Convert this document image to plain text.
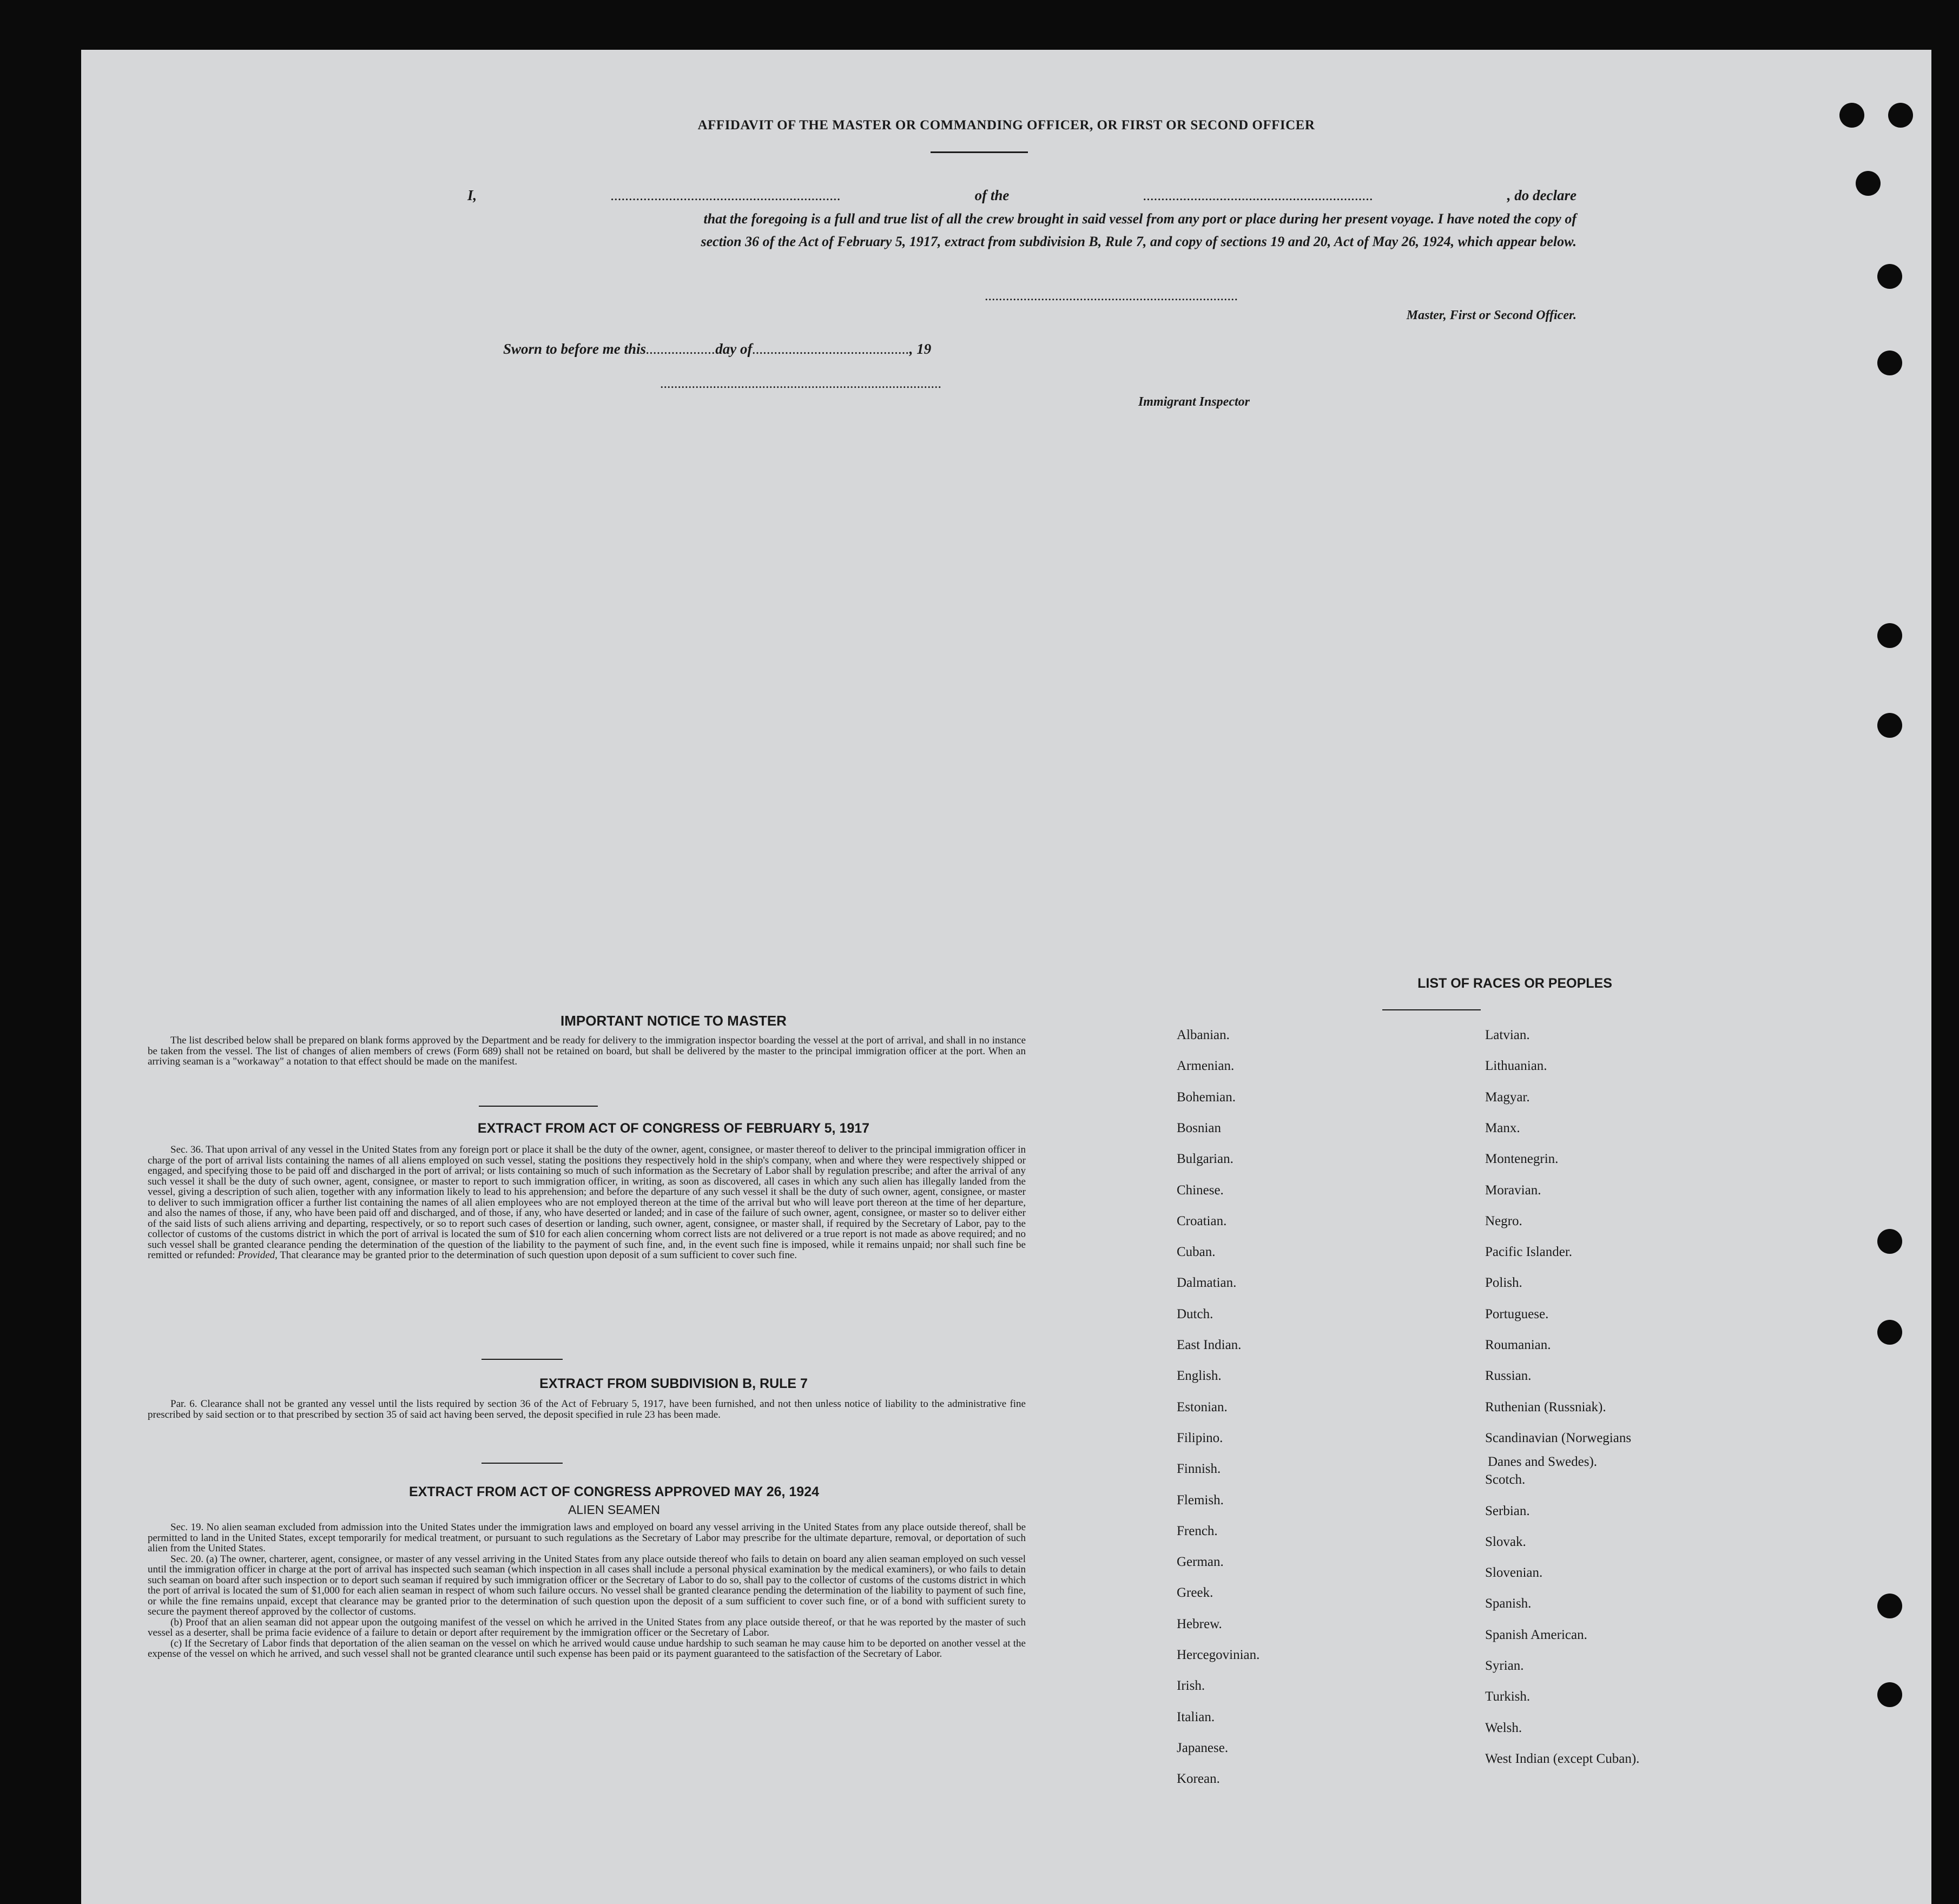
AFFIDAVIT OF THE MASTER OR COMMANDING OFFICER, OR FIRST OR SECOND OFFICER
I,	...............................................................	of the	...............................................................	, do declare
that the foregoing is a full and true list of all the crew brought in said vessel from any port or place during her present voyage. I have noted the copy of
section 36 of the Act of February 5, 1917, extract from subdivision B, Rule 7, and copy of sections 19 and 20, Act of May 26, 1924, which appear below.
........................................................................
Master, First or Second Officer.
Sworn to before me this...................day of..........................................., 19
................................................................................
Immigrant Inspector
IMPORTANT NOTICE TO MASTER
The list described below shall be prepared on blank forms approved by the Department and be ready for delivery to the immigration inspector boarding the vessel at the port of arrival, and shall in no instance be taken from the vessel. The list of changes of alien members of crews (Form 689) shall not be retained on board, but shall be delivered by the master to the principal immigration officer at the port. When an arriving seaman is a "workaway" a notation to that effect should be made on the manifest.
EXTRACT FROM ACT OF CONGRESS OF FEBRUARY 5, 1917
Sec. 36. That upon arrival of any vessel in the United States from any foreign port or place it shall be the duty of the owner, agent, consignee, or master thereof to deliver to the principal immigration officer in charge of the port of arrival lists containing the names of all aliens employed on such vessel, stating the positions they respectively hold in the ship's company, when and where they were respectively shipped or engaged, and specifying those to be paid off and discharged in the port of arrival; or lists containing so much of such information as the Secretary of Labor shall by regulation prescribe; and after the arrival of any such vessel it shall be the duty of such owner, agent, consignee, or master to report to such immigration officer, in writing, as soon as discovered, all cases in which any such alien has illegally landed from the vessel, giving a description of such alien, together with any information likely to lead to his apprehension; and before the departure of any such vessel it shall be the duty of such owner, agent, consignee, or master to deliver to such immigration officer a further list containing the names of all alien employees who are not employed thereon at the time of the arrival but who will leave port thereon at the time of her departure, and also the names of those, if any, who have been paid off and discharged, and of those, if any, who have deserted or landed; and in case of the failure of such owner, agent, consignee, or master so to deliver either of the said lists of such aliens arriving and departing, respectively, or so to report such cases of desertion or landing, such owner, agent, consignee, or master shall, if required by the Secretary of Labor, pay to the collector of customs of the customs district in which the port of arrival is located the sum of $10 for each alien concerning whom correct lists are not delivered or a true report is not made as above required; and no such vessel shall be granted clearance pending the determination of the question of the liability to the payment of such fine, and, in the event such fine is imposed, while it remains unpaid; nor shall such fine be remitted or refunded: Provided, That clearance may be granted prior to the determination of such question upon deposit of a sum sufficient to cover such fine.
EXTRACT FROM SUBDIVISION B, RULE 7
Par. 6. Clearance shall not be granted any vessel until the lists required by section 36 of the Act of February 5, 1917, have been furnished, and not then unless notice of liability to the administrative fine prescribed by said section or to that prescribed by section 35 of said act having been served, the deposit specified in rule 23 has been made.
EXTRACT FROM ACT OF CONGRESS APPROVED MAY 26, 1924
ALIEN SEAMEN
Sec. 19. No alien seaman excluded from admission into the United States under the immigration laws and employed on board any vessel arriving in the United States from any place outside thereof, shall be permitted to land in the United States, except temporarily for medical treatment, or pursuant to such regulations as the Secretary of Labor may prescribe for the ultimate departure, removal, or deportation of such alien from the United States.
Sec. 20. (a) The owner, charterer, agent, consignee, or master of any vessel arriving in the United States from any place outside thereof who fails to detain on board any alien seaman employed on such vessel until the immigration officer in charge at the port of arrival has inspected such seaman (which inspection in all cases shall include a personal physical examination by the medical examiners), or who fails to detain such seaman on board after such inspection or to deport such seaman if required by such immigration officer or the Secretary of Labor to do so, shall pay to the collector of customs of the customs district in which the port of arrival is located the sum of $1,000 for each alien seaman in respect of whom such failure occurs. No vessel shall be granted clearance pending the determination of the liability to payment of such fine, or while the fine remains unpaid, except that clearance may be granted prior to the determination of such question upon the deposit of a sum sufficient to cover such fine, or of a bond with sufficient surety to secure the payment thereof approved by the collector of customs.
(b) Proof that an alien seaman did not appear upon the outgoing manifest of the vessel on which he arrived in the United States from any place outside thereof, or that he was reported by the master of such vessel as a deserter, shall be prima facie evidence of a failure to detain or deport after requirement by the immigration officer or the Secretary of Labor.
(c) If the Secretary of Labor finds that deportation of the alien seaman on the vessel on which he arrived would cause undue hardship to such seaman he may cause him to be deported on another vessel at the expense of the vessel on which he arrived, and such vessel shall not be granted clearance until such expense has been paid or its payment guaranteed to the satisfaction of the Secretary of Labor.
LIST OF RACES OR PEOPLES
Albanian.
Armenian.
Bohemian.
Bosnian
Bulgarian.
Chinese.
Croatian.
Cuban.
Dalmatian.
Dutch.
East Indian.
English.
Estonian.
Filipino.
Finnish.
Flemish.
French.
German.
Greek.
Hebrew.
Hercegovinian.
Irish.
Italian.
Japanese.
Korean.
Latvian.
Lithuanian.
Magyar.
Manx.
Montenegrin.
Moravian.
Negro.
Pacific Islander.
Polish.
Portuguese.
Roumanian.
Russian.
Ruthenian (Russniak).
Scandinavian (Norwegians
Danes and Swedes).
Scotch.
Serbian.
Slovak.
Slovenian.
Spanish.
Spanish American.
Syrian.
Turkish.
Welsh.
West Indian (except Cuban).
